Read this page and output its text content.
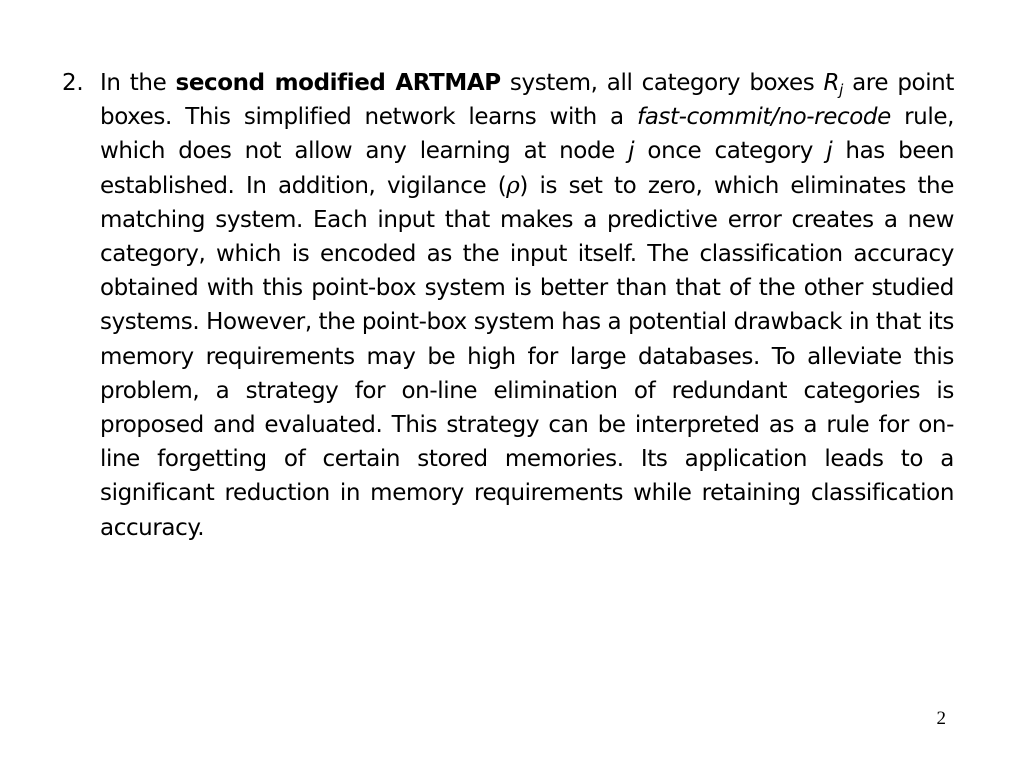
2. In the second modified ARTMAP system, all category boxes $R_j$ are point boxes. This simplified network learns with a fast-commit/no-recode rule, which does not allow any learning at node j once category j has been established. In addition, vigilance (ρ) is set to zero, which eliminates the matching system. Each input that makes a predictive error creates a new category, which is encoded as the input itself. The classification accuracy obtained with this point-box system is better than that of the other studied systems. However, the point-box system has a potential drawback in that its memory requirements may be high for large databases. To alleviate this problem, a strategy for on-line elimination of redundant categories is proposed and evaluated. This strategy can be interpreted as a rule for on-line forgetting of certain stored memories. Its application leads to a significant reduction in memory requirements while retaining classification accuracy.
2
